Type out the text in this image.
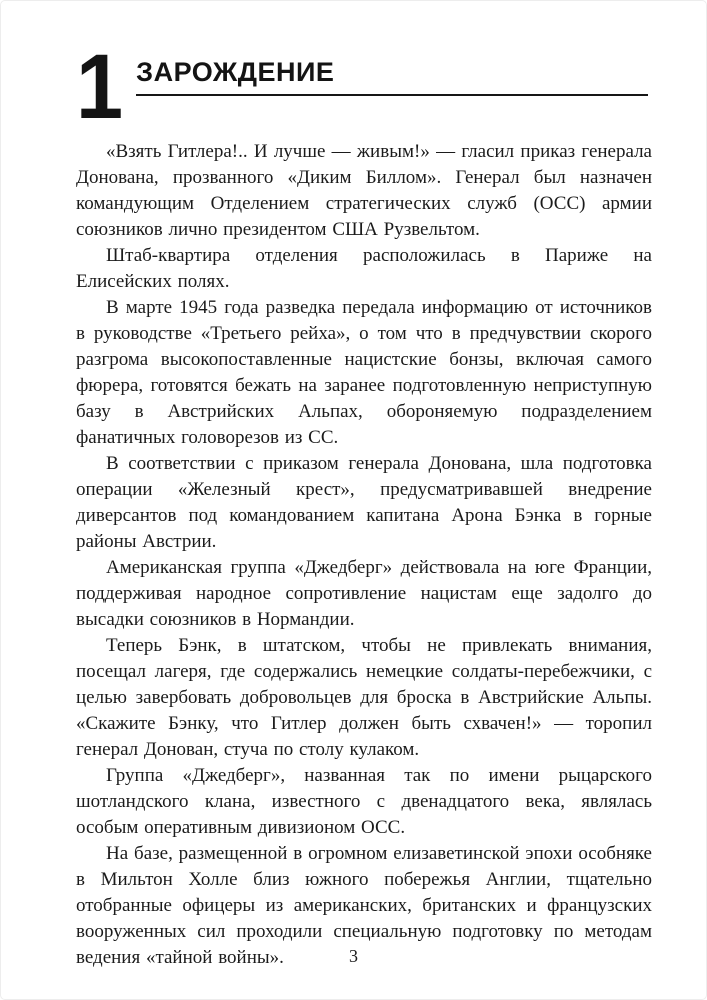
1 ЗАРОЖДЕНИЕ

«Взять Гитлера!.. И лучше — живым!» — гласил приказ генерала Донована, прозванного «Диким Биллом». Генерал был назначен командующим Отделением стратегических служб (ОСС) армии союзников лично президентом США Рузвельтом.

Штаб-квартира отделения расположилась в Париже на Елисейских полях.

В марте 1945 года разведка передала информацию от источников в руководстве «Третьего рейха», о том что в предчувствии скорого разгрома высокопоставленные нацистские бонзы, включая самого фюрера, готовятся бежать на заранее подготовленную неприступную базу в Австрийских Альпах, обороняемую подразделением фанатичных головорезов из СС.

В соответствии с приказом генерала Донована, шла подготовка операции «Железный крест», предусматривавшей внедрение диверсантов под командованием капитана Арона Бэнка в горные районы Австрии.

Американская группа «Джедберг» действовала на юге Франции, поддерживая народное сопротивление нацистам еще задолго до высадки союзников в Нормандии.

Теперь Бэнк, в штатском, чтобы не привлекать внимания, посещал лагеря, где содержались немецкие солдаты-перебежчики, с целью завербовать добровольцев для броска в Австрийские Альпы. «Скажите Бэнку, что Гитлер должен быть схвачен!» — торопил генерал Донован, стуча по столу кулаком.

Группа «Джедберг», названная так по имени рыцарского шотландского клана, известного с двенадцатого века, являлась особым оперативным дивизионом ОСС.

На базе, размещенной в огромном елизаветинской эпохи особняке в Мильтон Холле близ южного побережья Англии, тщательно отобранные офицеры из американских, британских и французских вооруженных сил проходили специальную подготовку по методам ведения «тайной войны».	3
